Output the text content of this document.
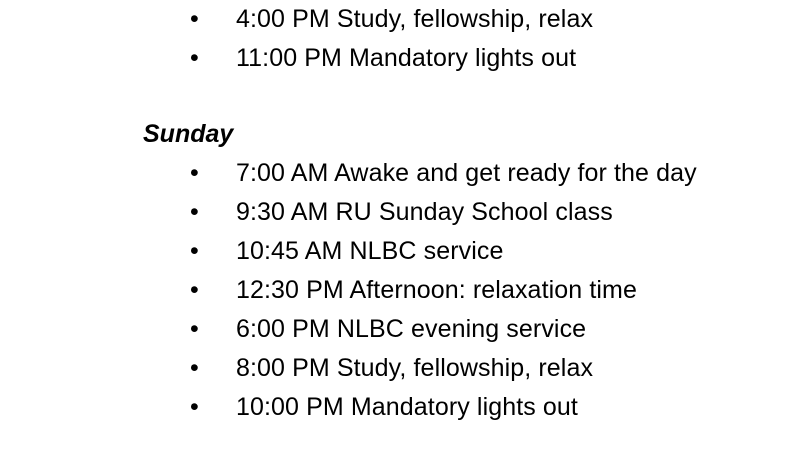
• 4:00 PM Study, fellowship, relax
• 11:00 PM Mandatory lights out
Sunday
• 7:00 AM Awake and get ready for the day
• 9:30 AM RU Sunday School class
• 10:45 AM NLBC service
• 12:30 PM Afternoon: relaxation time
• 6:00 PM NLBC evening service
• 8:00 PM Study, fellowship, relax
• 10:00 PM Mandatory lights out
